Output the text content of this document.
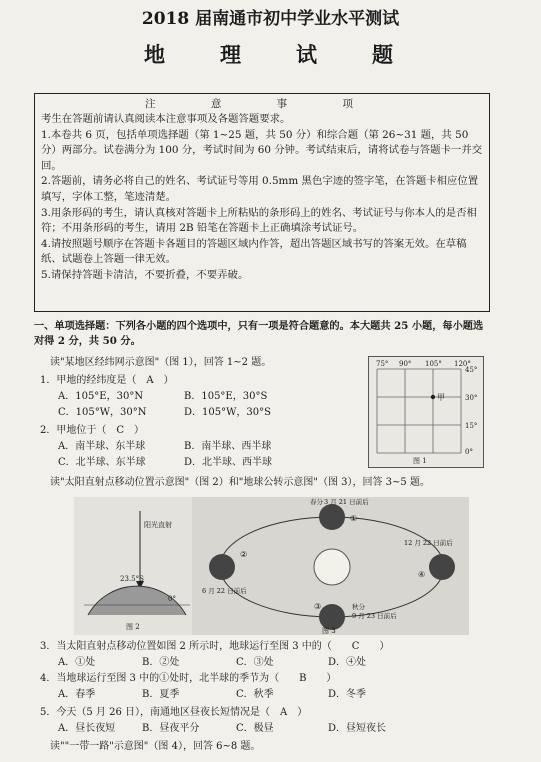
2018 届南通市初中学业水平测试
地 理 试 题
注 意 事 项

考生在答题前请认真阅读本注意事项及各题答题要求。

1.本卷共 6 页，包括单项选择题（第 1~25 题，共 50 分）和综合题（第 26~31 题，共 50 分）两部分。试卷满分为 100 分，考试时间为 60 分钟。考试结束后，请将试卷与答题卡一并交回。

2.答题前，请务必将自己的姓名、考试证号等用 0.5mm 黑色字迹的签字笔，在答题卡相应位置填写，字体工整，笔迹清楚。

3.用条形码的考生，请认真核对答题卡上所粘贴的条形码上的姓名、考试证号与你本人的是否相符；不用条形码的考生，请用 2B 铅笔在答题卡上正确填涂考试证号。

4.请按照题号顺序在答题卡各题目的答题区域内作答，超出答题区域书写的答案无效。在草稿纸、试题卷上答题一律无效。

5.请保持答题卡清洁，不要折叠，不要弄破。

一、单项选择题：下列各小题的四个选项中，只有一项是符合题意的。本大题共 25 小题，每小题选 对得 2 分，共 50 分。
读"某地区经纬网示意图"（图 1），回答 1~2 题。
1．甲地的经纬度是（　A　）
A．105°E，30°N	B．105°E，30°S
C．105°W，30°N	D．105°W，30°S
2．甲地位于（　C　）
A．南半球、东半球	B．南半球、西半球
C．北半球、东半球	D．北半球、西半球
75° 90° 105° 120°
45°
30°
15°
0°
甲
图 1
读"太阳直射点移动位置示意图"（图 2）和"地球公转示意图"（图 3），回答 3~5 题。
阳光直射
23.5°S
0°
图 2
春分 3 月 21 日前后
6 月 22 日前后
12 月 22 日前后
秋分
9 月 23 日前后
①
②
③
④
图 3
3．当太阳直射点移动位置如图 2 所示时，地球运行至图 3 中的（　　C　　）
A．①处	B．②处	C．③处	D．④处
4．当地球运行至图 3 中的①处时，北半球的季节为（　　B　　）
A．春季	B．夏季	C．秋季	D．冬季
5．今天（5 月 26 日），南通地区昼夜长短情况是（　A　）
A．昼长夜短	B．昼夜平分	C．极昼	D．昼短夜长
读""一带一路"示意图"（图 4），回答 6~8 题。
